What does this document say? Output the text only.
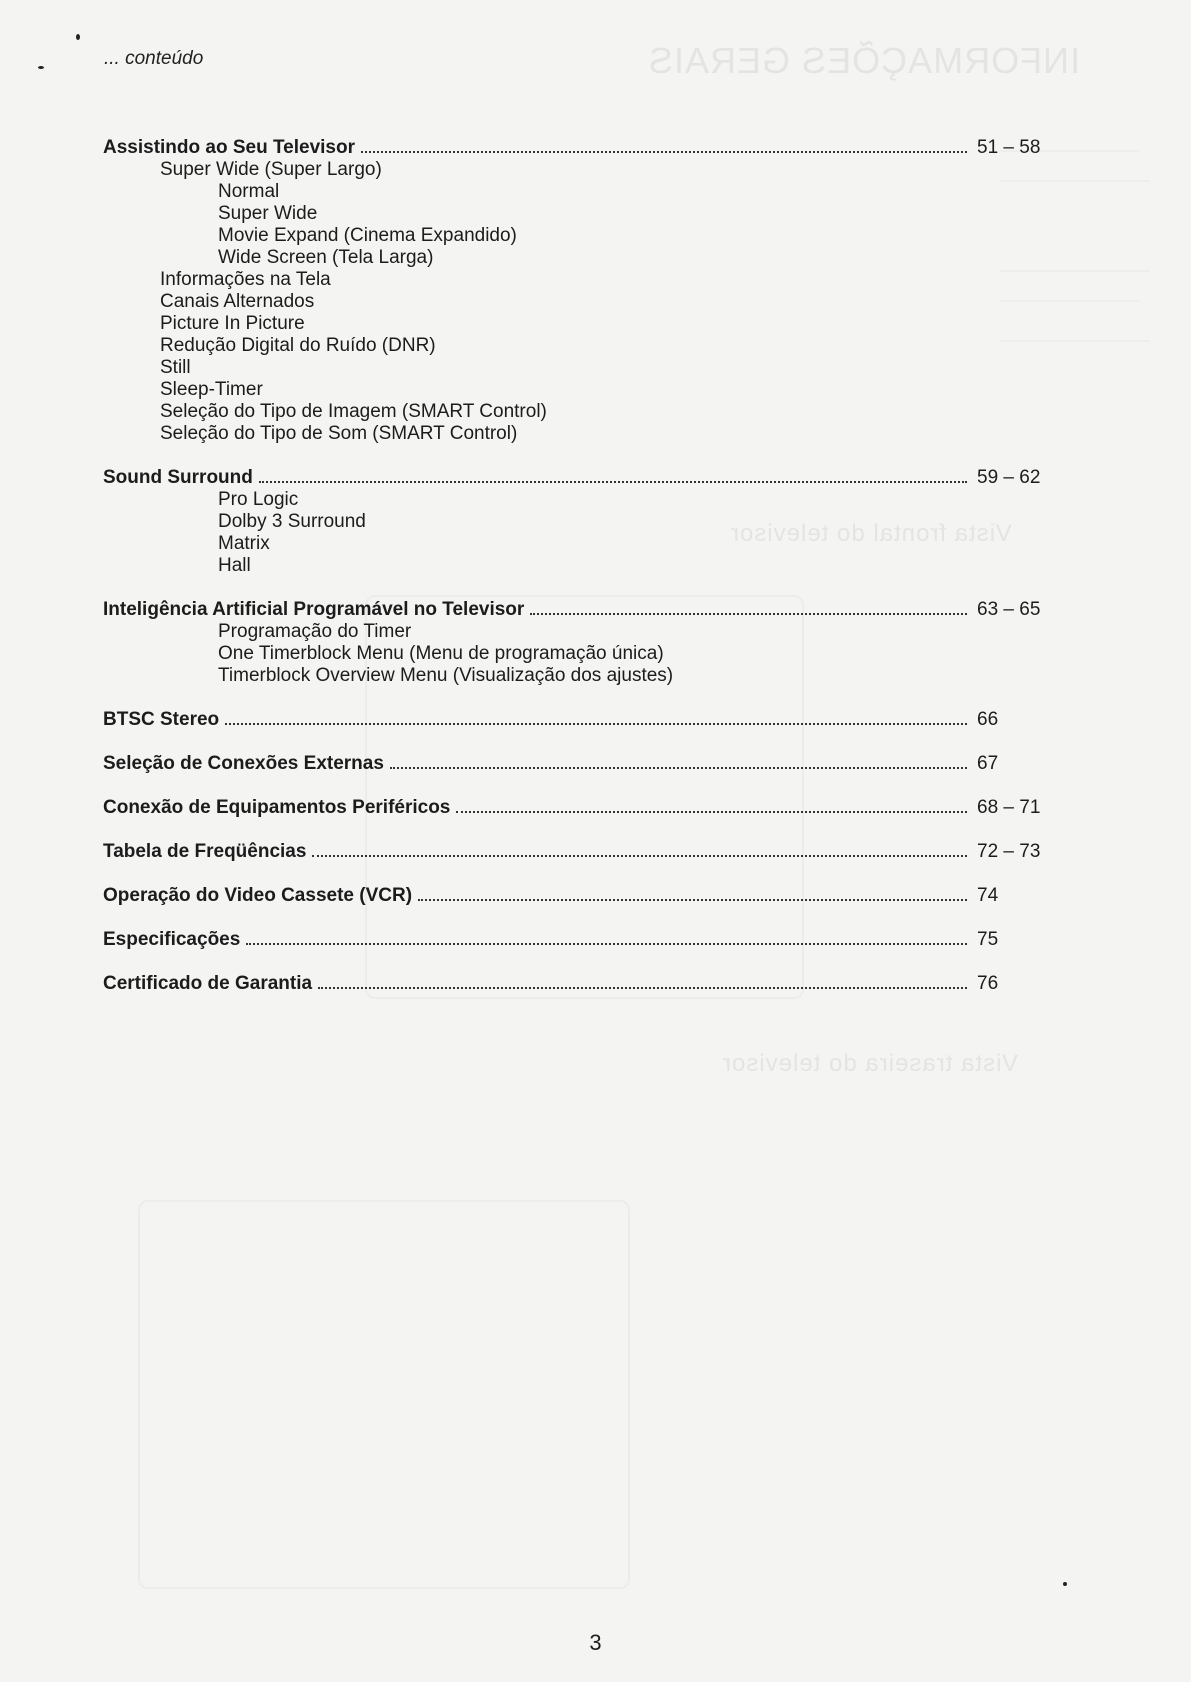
INFORMAÇÕES GERAIS
Vista frontal do televisor
Vista traseira do televisor
... conteúdo
Assistindo ao Seu Televisor	51 – 58
Super Wide (Super Largo)
Normal
Super Wide
Movie Expand (Cinema Expandido)
Wide Screen (Tela Larga)
Informações na Tela
Canais Alternados
Picture In Picture
Redução Digital do Ruído (DNR)
Still
Sleep-Timer
Seleção do Tipo de Imagem (SMART Control)
Seleção do Tipo de Som (SMART Control)
Sound Surround	59 – 62
Pro Logic
Dolby 3 Surround
Matrix
Hall
Inteligência Artificial Programável no Televisor	63 – 65
Programação do Timer
One Timerblock Menu (Menu de programação única)
Timerblock Overview Menu (Visualização dos ajustes)
BTSC Stereo	66
Seleção de Conexões Externas	67
Conexão de Equipamentos Periféricos	68 – 71
Tabela de Freqüências	72 – 73
Operação do Video Cassete (VCR)	74
Especificações	75
Certificado de Garantia	76
3
